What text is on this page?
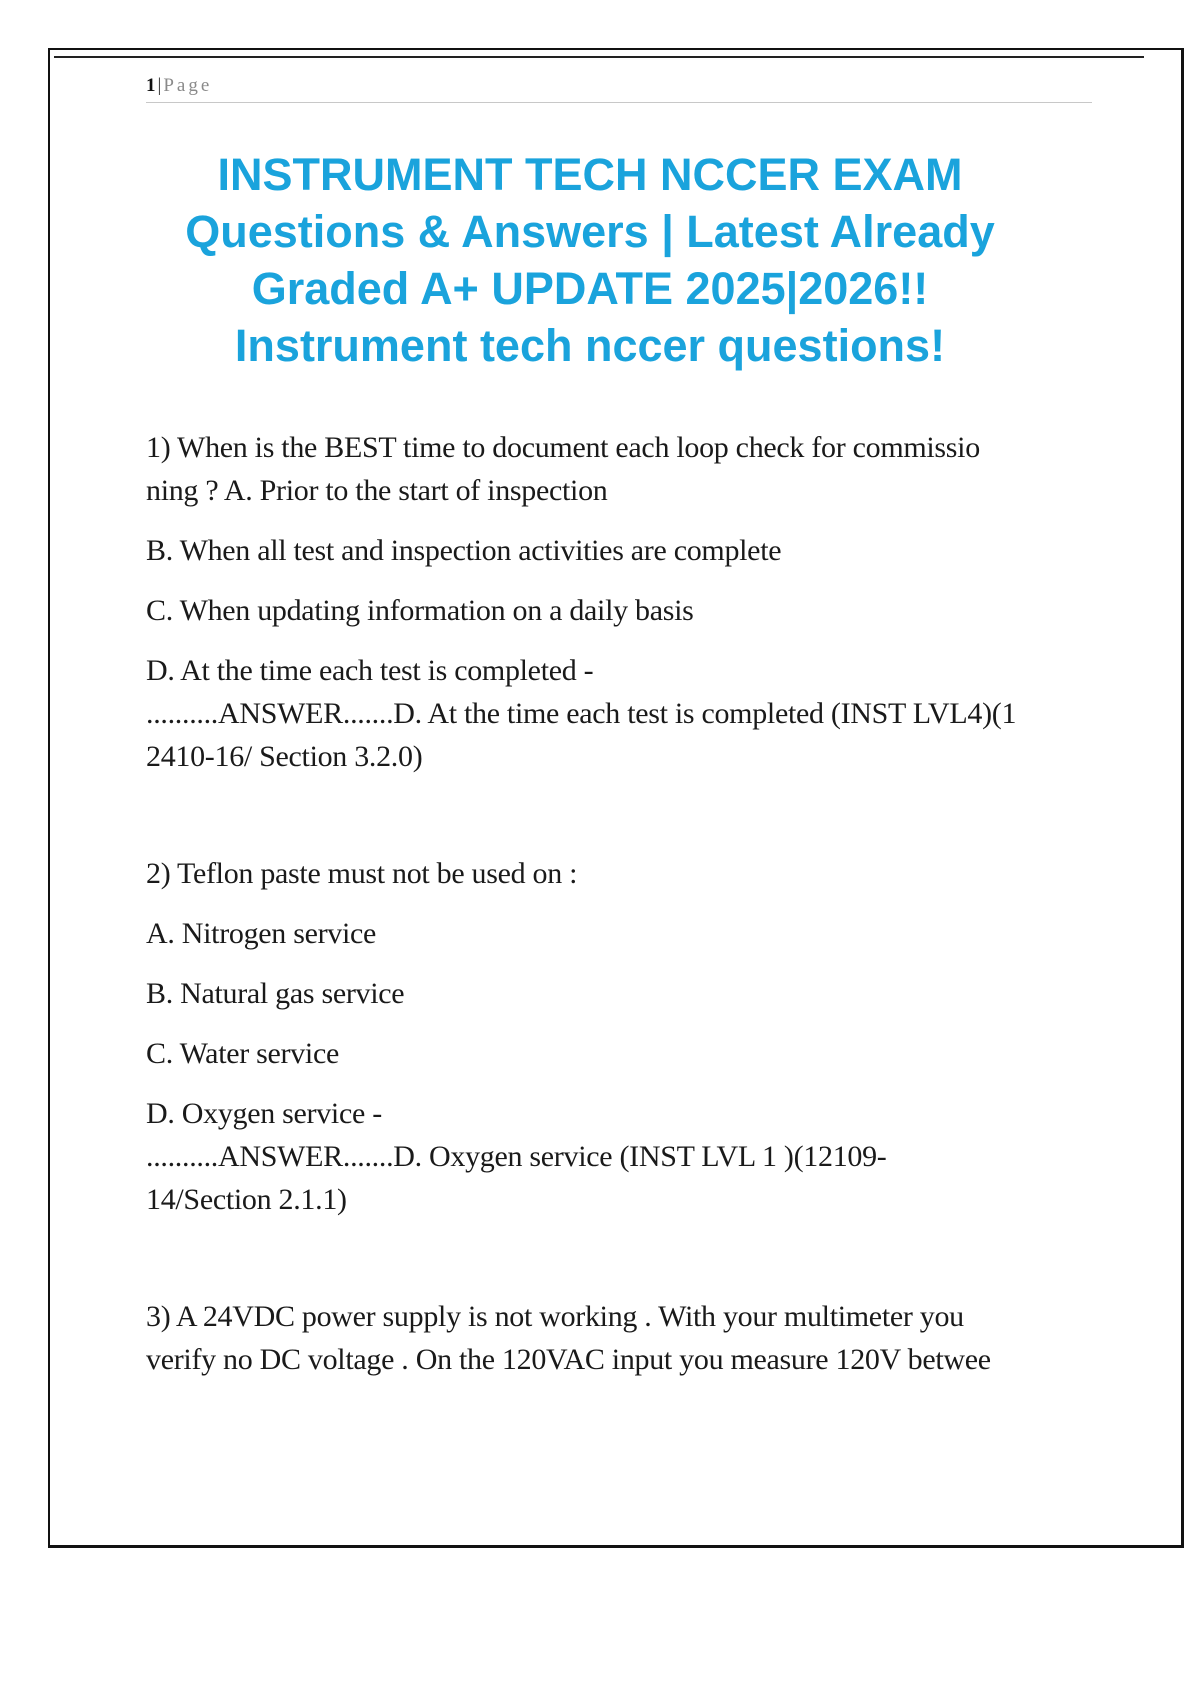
1 | Page
INSTRUMENT TECH NCCER EXAM
Questions & Answers | Latest Already
Graded A+ UPDATE 2025|2026!!
Instrument tech nccer questions!

1) When is the BEST time to document each loop check for commissio

ning ? A. Prior to the start of inspection

B. When all test and inspection activities are complete

C. When updating information on a daily basis

D. At the time each test is completed -

..........ANSWER.......D. At the time each test is completed (INST LVL4)(1

2410-16/ Section 3.2.0)

2) Teflon paste must not be used on :

A. Nitrogen service

B. Natural gas service

C. Water service

D. Oxygen service -

..........ANSWER.......D. Oxygen service (INST LVL 1 )(12109-

14/Section 2.1.1)

3) A 24VDC power supply is not working . With your multimeter you

verify no DC voltage . On the 120VAC input you measure 120V betwee
